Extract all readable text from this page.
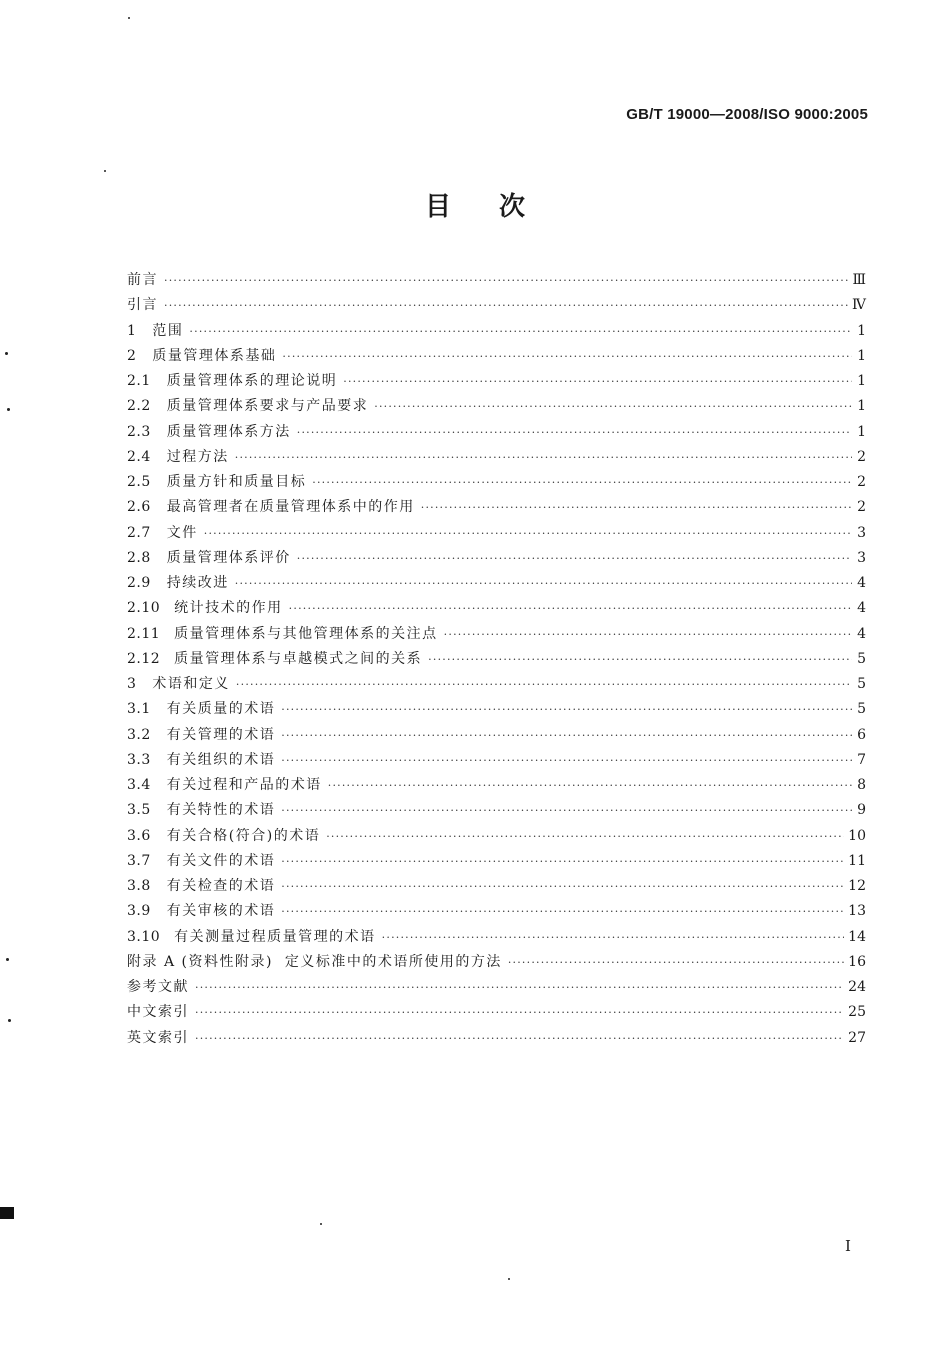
GB/T 19000—2008/ISO 9000:2005
目次
前言 ·····	Ⅲ
引言 ·····	Ⅳ
1 范围 ·····	1
2 质量管理体系基础 ·····	1
2.1 质量管理体系的理论说明 ·····	1
2.2 质量管理体系要求与产品要求 ·····	1
2.3 质量管理体系方法 ·····	1
2.4 过程方法 ·····	2
2.5 质量方针和质量目标 ·····	2
2.6 最高管理者在质量管理体系中的作用 ·····	2
2.7 文件 ·····	3
2.8 质量管理体系评价 ·····	3
2.9 持续改进 ·····	4
2.10 统计技术的作用 ·····	4
2.11 质量管理体系与其他管理体系的关注点 ·····	4
2.12 质量管理体系与卓越模式之间的关系 ·····	5
3 术语和定义 ·····	5
3.1 有关质量的术语 ·····	5
3.2 有关管理的术语 ·····	6
3.3 有关组织的术语 ·····	7
3.4 有关过程和产品的术语 ·····	8
3.5 有关特性的术语 ·····	9
3.6 有关合格(符合)的术语 ·····	10
3.7 有关文件的术语 ·····	11
3.8 有关检查的术语 ·····	12
3.9 有关审核的术语 ·····	13
3.10 有关测量过程质量管理的术语 ·····	14
附录 A (资料性附录)  定义标准中的术语所使用的方法 ·····	16
参考文献 ·····	24
中文索引 ·····	25
英文索引 ·····	27
I
